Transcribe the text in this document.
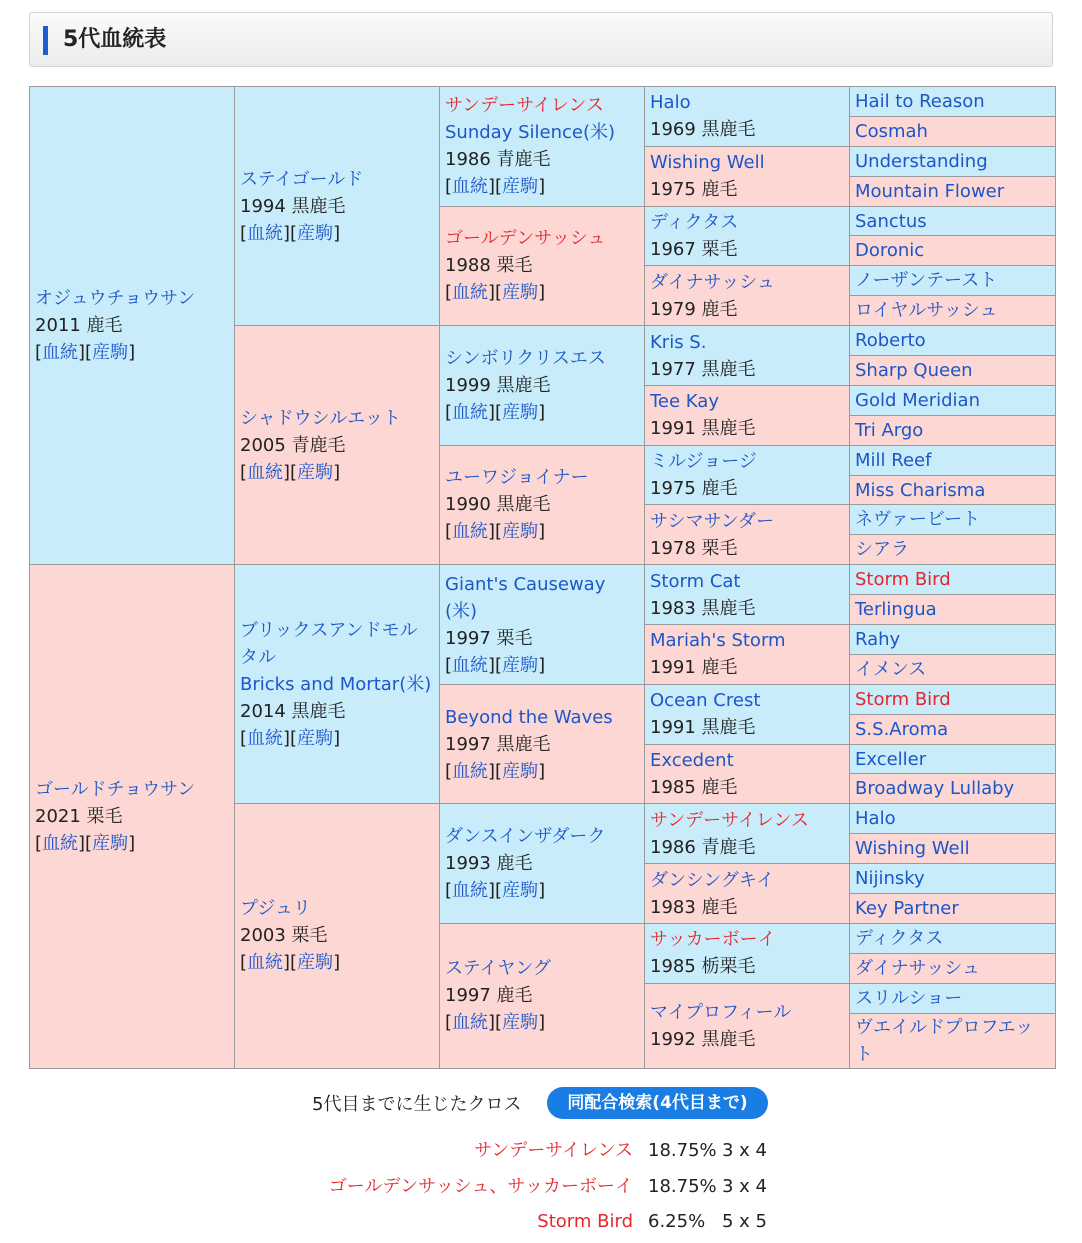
5代血統表
オジュウチョウサン
2011 鹿毛
[血統][産駒]	ステイゴールド
1994 黒鹿毛
[血統][産駒]	サンデーサイレンス
Sunday Silence(米)
1986 青鹿毛
[血統][産駒]	Halo
1969 黒鹿毛	Hail to Reason

				Cosmah

			Wishing Well
1975 鹿毛	Understanding

				Mountain Flower

		ゴールデンサッシュ
1988 栗毛
[血統][産駒]	ディクタス
1967 栗毛	Sanctus

				Doronic

			ダイナサッシュ
1979 鹿毛	ノーザンテースト

				ロイヤルサッシュ

	シャドウシルエット
2005 青鹿毛
[血統][産駒]	シンボリクリスエス
1999 黒鹿毛
[血統][産駒]	Kris S.
1977 黒鹿毛	Roberto

				Sharp Queen

			Tee Kay
1991 黒鹿毛	Gold Meridian

				Tri Argo

		ユーワジョイナー
1990 黒鹿毛
[血統][産駒]	ミルジョージ
1975 鹿毛	Mill Reef

				Miss Charisma

			サシマサンダー
1978 栗毛	ネヴァービート

				シアラ

ゴールドチョウサン
2021 栗毛
[血統][産駒]	ブリックスアンドモルタル
Bricks and Mortar(米)
2014 黒鹿毛
[血統][産駒]	Giant's Causeway (米)
1997 栗毛
[血統][産駒]	Storm Cat
1983 黒鹿毛	Storm Bird

				Terlingua

			Mariah's Storm
1991 鹿毛	Rahy

				イメンス

		Beyond the Waves
1997 黒鹿毛
[血統][産駒]	Ocean Crest
1991 黒鹿毛	Storm Bird

				S.S.Aroma

			Excedent
1985 鹿毛	Exceller

				Broadway Lullaby

	プジュリ
2003 栗毛
[血統][産駒]	ダンスインザダーク
1993 鹿毛
[血統][産駒]	サンデーサイレンス
1986 青鹿毛	Halo

				Wishing Well

			ダンシングキイ
1983 鹿毛	Nijinsky

				Key Partner

		ステイヤング
1997 鹿毛
[血統][産駒]	サッカーボーイ
1985 栃栗毛	ディクタス

				ダイナサッシュ

			マイプロフィール
1992 黒鹿毛	スリルショー

				ヴエイルドプロフエット
5代目までに生じたクロス	同配合検索(4代目まで)
サンデーサイレンス 18.75% 3 x 4
ゴールデンサッシュ、サッカーボーイ 18.75% 3 x 4
Storm Bird 6.25% 5 x 5
